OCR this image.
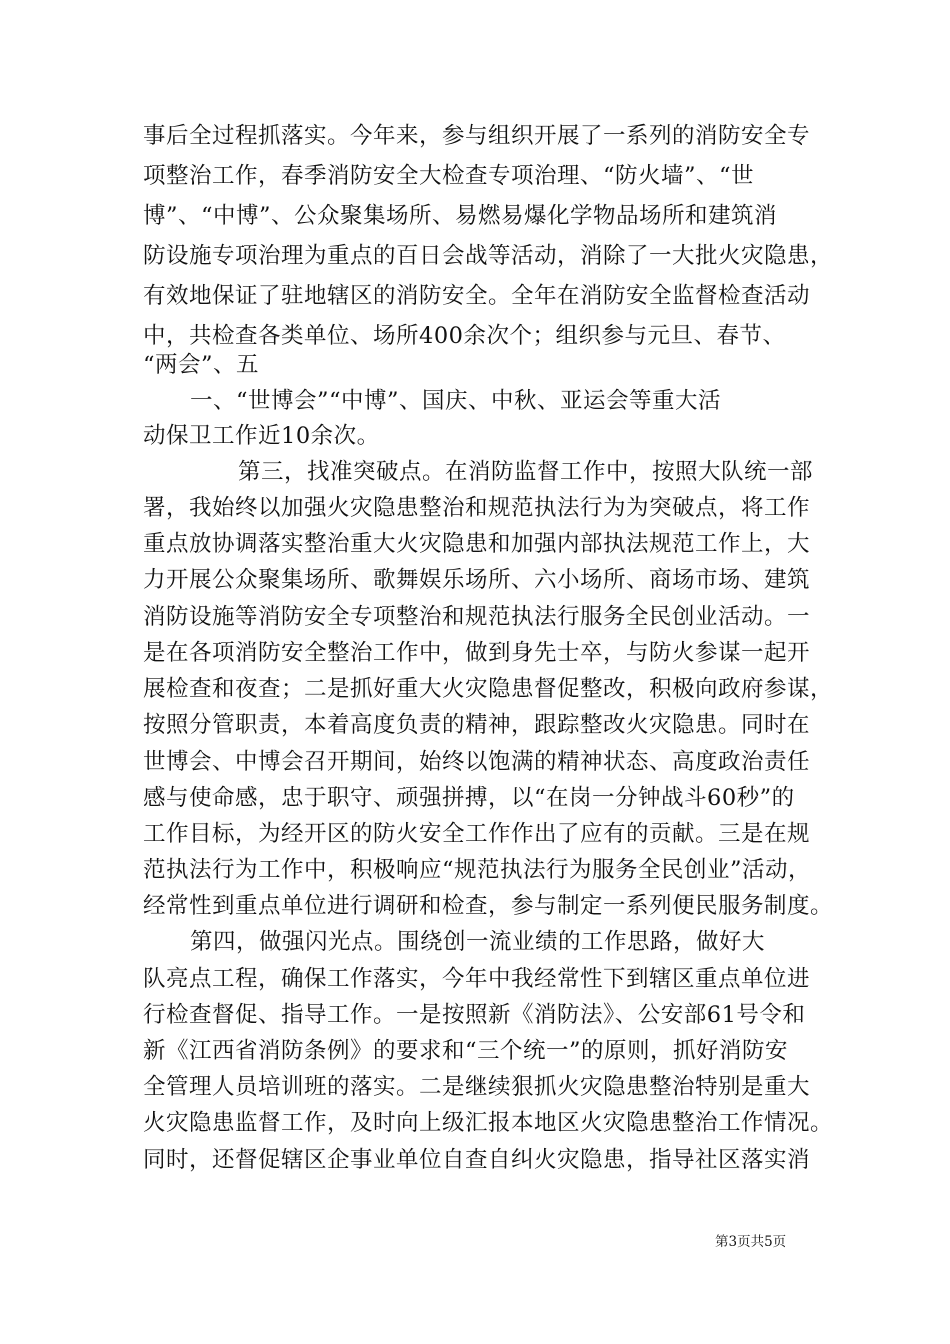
事后全过程抓落实。今年来，参与组织开展了一系列的消防安全专
项整治工作，春季消防安全大检查专项治理、“防火墙”、“世
博”、“中博”、公众聚集场所、易燃易爆化学物品场所和建筑消
防设施专项治理为重点的百日会战等活动，消除了一大批火灾隐患，
有效地保证了驻地辖区的消防安全。全年在消防安全监督检查活动
中，共检查各类单位、场所400余次个；组织参与元旦、春节、
“两会”、五
一、“世博会”“中博”、国庆、中秋、亚运会等重大活
动保卫工作近10余次。
第三，找准突破点。在消防监督工作中，按照大队统一部
署，我始终以加强火灾隐患整治和规范执法行为为突破点，将工作
重点放协调落实整治重大火灾隐患和加强内部执法规范工作上，大
力开展公众聚集场所、歌舞娱乐场所、六小场所、商场市场、建筑
消防设施等消防安全专项整治和规范执法行服务全民创业活动。一
是在各项消防安全整治工作中，做到身先士卒，与防火参谋一起开
展检查和夜查；二是抓好重大火灾隐患督促整改，积极向政府参谋，
按照分管职责，本着高度负责的精神，跟踪整改火灾隐患。同时在
世博会、中博会召开期间，始终以饱满的精神状态、高度政治责任
感与使命感，忠于职守、顽强拼搏，以“在岗一分钟战斗60秒”的
工作目标，为经开区的防火安全工作作出了应有的贡献。三是在规
范执法行为工作中，积极响应“规范执法行为服务全民创业”活动，
经常性到重点单位进行调研和检查，参与制定一系列便民服务制度。
第四，做强闪光点。围绕创一流业绩的工作思路，做好大
队亮点工程，确保工作落实，今年中我经常性下到辖区重点单位进
行检查督促、指导工作。一是按照新《消防法》、公安部61号令和
新《江西省消防条例》的要求和“三个统一”的原则，抓好消防安
全管理人员培训班的落实。二是继续狠抓火灾隐患整治特别是重大
火灾隐患监督工作，及时向上级汇报本地区火灾隐患整治工作情况。
同时，还督促辖区企事业单位自查自纠火灾隐患，指导社区落实消
第3页共5页
